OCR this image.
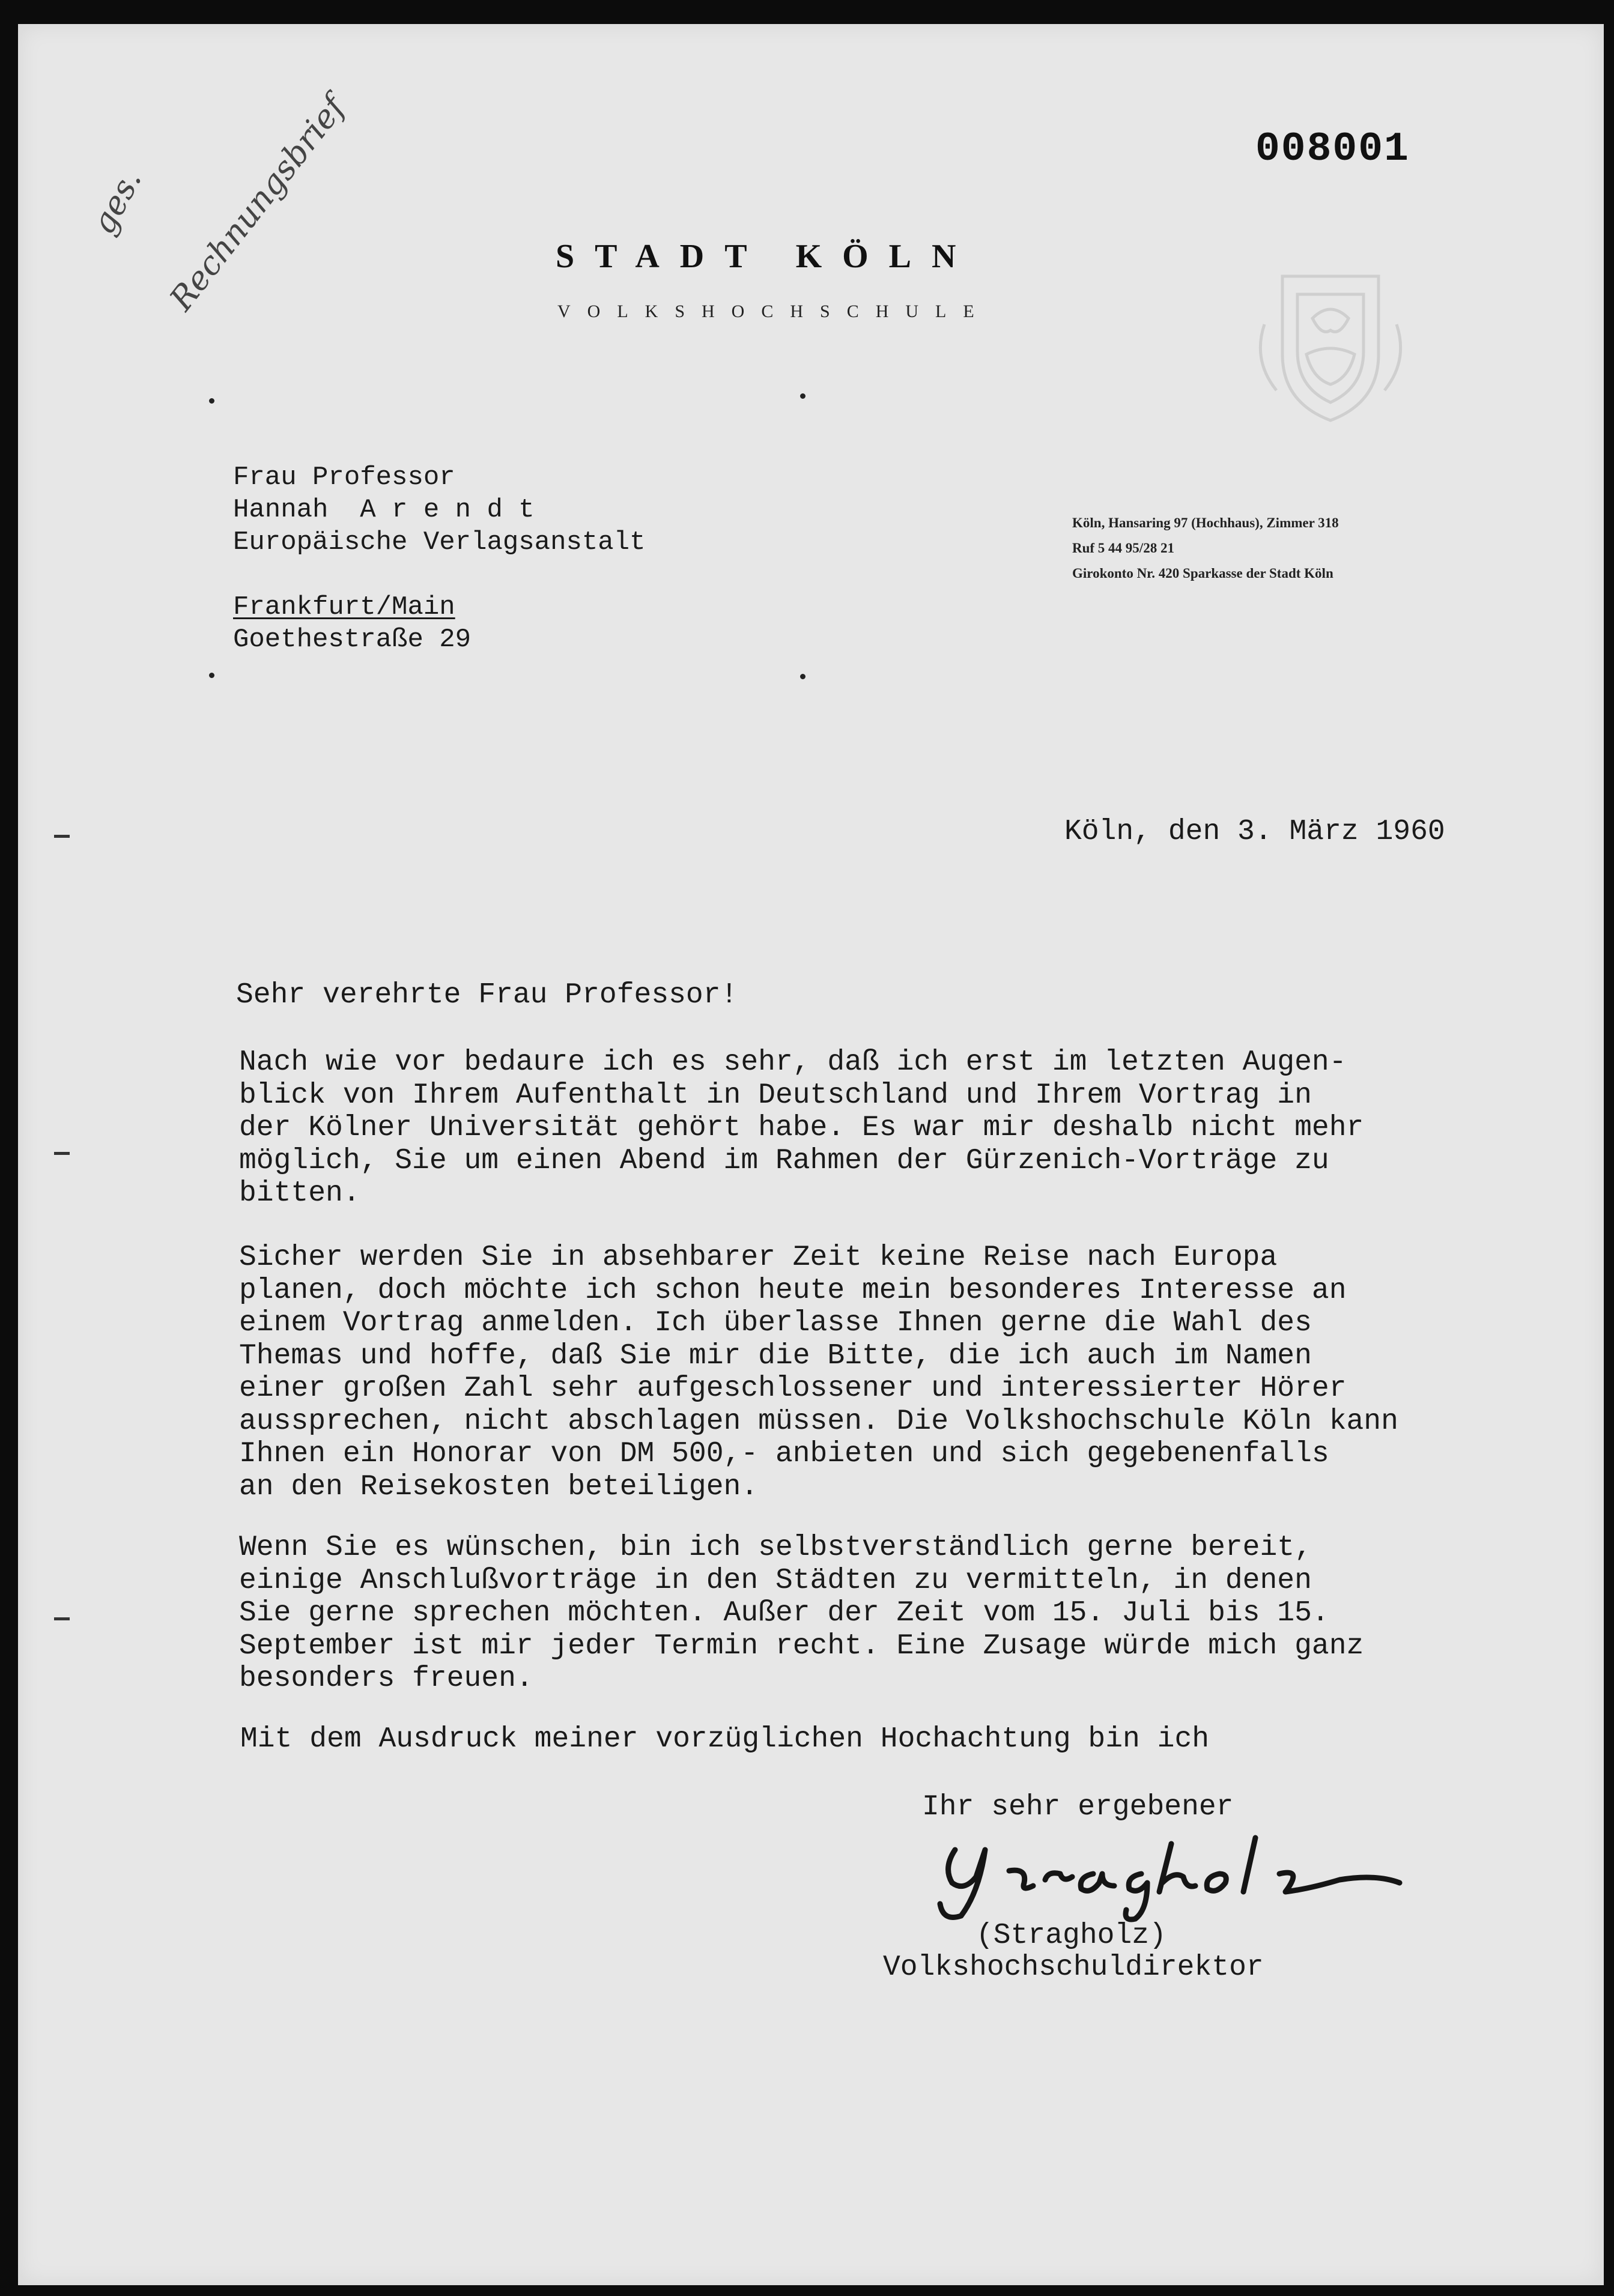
008001
ges. Rechnungsbrief	STADT KÖLN
VOLKSHOCHSCHULE
Frau Professor
Hannah  A r e n d t
Europäische Verlagsanstalt
Frankfurt/Main
Goethestraße 29
Köln, Hansaring 97 (Hochhaus), Zimmer 318
Ruf 5 44 95/28 21
Girokonto Nr. 420 Sparkasse der Stadt Köln
Köln, den 3. März 1960
Sehr verehrte Frau Professor!
Nach wie vor bedaure ich es sehr, daß ich erst im letzten Augen-
blick von Ihrem Aufenthalt in Deutschland und Ihrem Vortrag in
der Kölner Universität gehört habe. Es war mir deshalb nicht mehr
möglich, Sie um einen Abend im Rahmen der Gürzenich-Vorträge zu
bitten.
Sicher werden Sie in absehbarer Zeit keine Reise nach Europa
planen, doch möchte ich schon heute mein besonderes Interesse an
einem Vortrag anmelden. Ich überlasse Ihnen gerne die Wahl des
Themas und hoffe, daß Sie mir die Bitte, die ich auch im Namen
einer großen Zahl sehr aufgeschlossener und interessierter Hörer
aussprechen, nicht abschlagen müssen. Die Volkshochschule Köln kann
Ihnen ein Honorar von DM 500,- anbieten und sich gegebenenfalls
an den Reisekosten beteiligen.
Wenn Sie es wünschen, bin ich selbstverständlich gerne bereit,
einige Anschlußvorträge in den Städten zu vermitteln, in denen
Sie gerne sprechen möchten. Außer der Zeit vom 15. Juli bis 15.
September ist mir jeder Termin recht. Eine Zusage würde mich ganz
besonders freuen.
Mit dem Ausdruck meiner vorzüglichen Hochachtung bin ich
Ihr sehr ergebener
(Stragholz)
Volkshochschuldirektor
